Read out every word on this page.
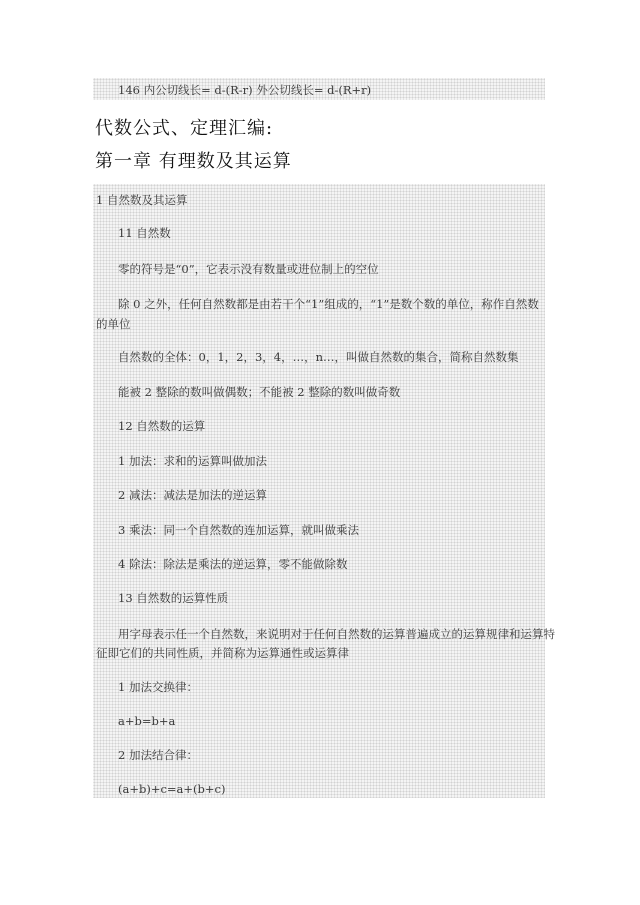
146 内公切线长= d-(R-r) 外公切线长= d-(R+r)
代数公式、定理汇编:
第一章 有理数及其运算
1 自然数及其运算
11 自然数
零的符号是“0”，它表示没有数量或进位制上的空位
除 0 之外，任何自然数都是由若干个“1”组成的，“1”是数个数的单位，称作自然数
的单位
自然数的全体：0，1，2，3，4，…，n…，叫做自然数的集合，简称自然数集
能被 2 整除的数叫做偶数；不能被 2 整除的数叫做奇数
12 自然数的运算
1 加法：求和的运算叫做加法
2 减法：减法是加法的逆运算
3 乘法：同一个自然数的连加运算，就叫做乘法
4 除法：除法是乘法的逆运算，零不能做除数
13 自然数的运算性质
用字母表示任一个自然数，来说明对于任何自然数的运算普遍成立的运算规律和运算特
征即它们的共同性质，并简称为运算通性或运算律
1 加法交换律：
a+b=b+a
2 加法结合律：
(a+b)+c=a+(b+c)
